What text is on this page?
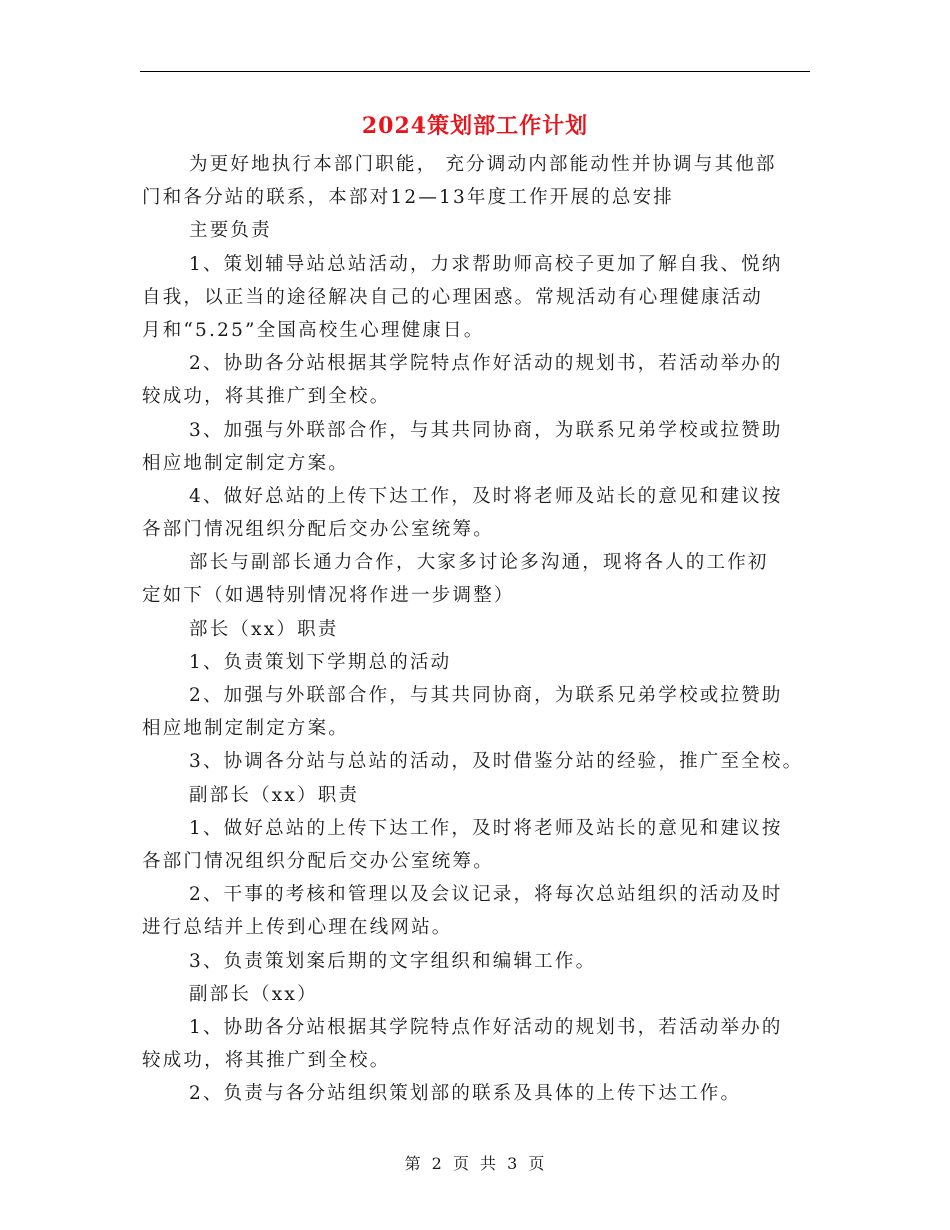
2024策划部工作计划
为更好地执行本部门职能， 充分调动内部能动性并协调与其他部
门和各分站的联系，本部对12—13年度工作开展的总安排
主要负责
1、策划辅导站总站活动，力求帮助师高校子更加了解自我、悦纳
自我，以正当的途径解决自己的心理困惑。常规活动有心理健康活动
月和“5.25”全国高校生心理健康日。
2、协助各分站根据其学院特点作好活动的规划书，若活动举办的
较成功，将其推广到全校。
3、加强与外联部合作，与其共同协商，为联系兄弟学校或拉赞助
相应地制定制定方案。
4、做好总站的上传下达工作，及时将老师及站长的意见和建议按
各部门情况组织分配后交办公室统筹。
部长与副部长通力合作，大家多讨论多沟通，现将各人的工作初
定如下（如遇特别情况将作进一步调整）
部长（xx）职责
1、负责策划下学期总的活动
2、加强与外联部合作，与其共同协商，为联系兄弟学校或拉赞助
相应地制定制定方案。
3、协调各分站与总站的活动，及时借鉴分站的经验，推广至全校。
副部长（xx）职责
1、做好总站的上传下达工作，及时将老师及站长的意见和建议按
各部门情况组织分配后交办公室统筹。
2、干事的考核和管理以及会议记录，将每次总站组织的活动及时
进行总结并上传到心理在线网站。
3、负责策划案后期的文字组织和编辑工作。
副部长（xx）
1、协助各分站根据其学院特点作好活动的规划书，若活动举办的
较成功，将其推广到全校。
2、负责与各分站组织策划部的联系及具体的上传下达工作。
第 2 页 共 3 页
